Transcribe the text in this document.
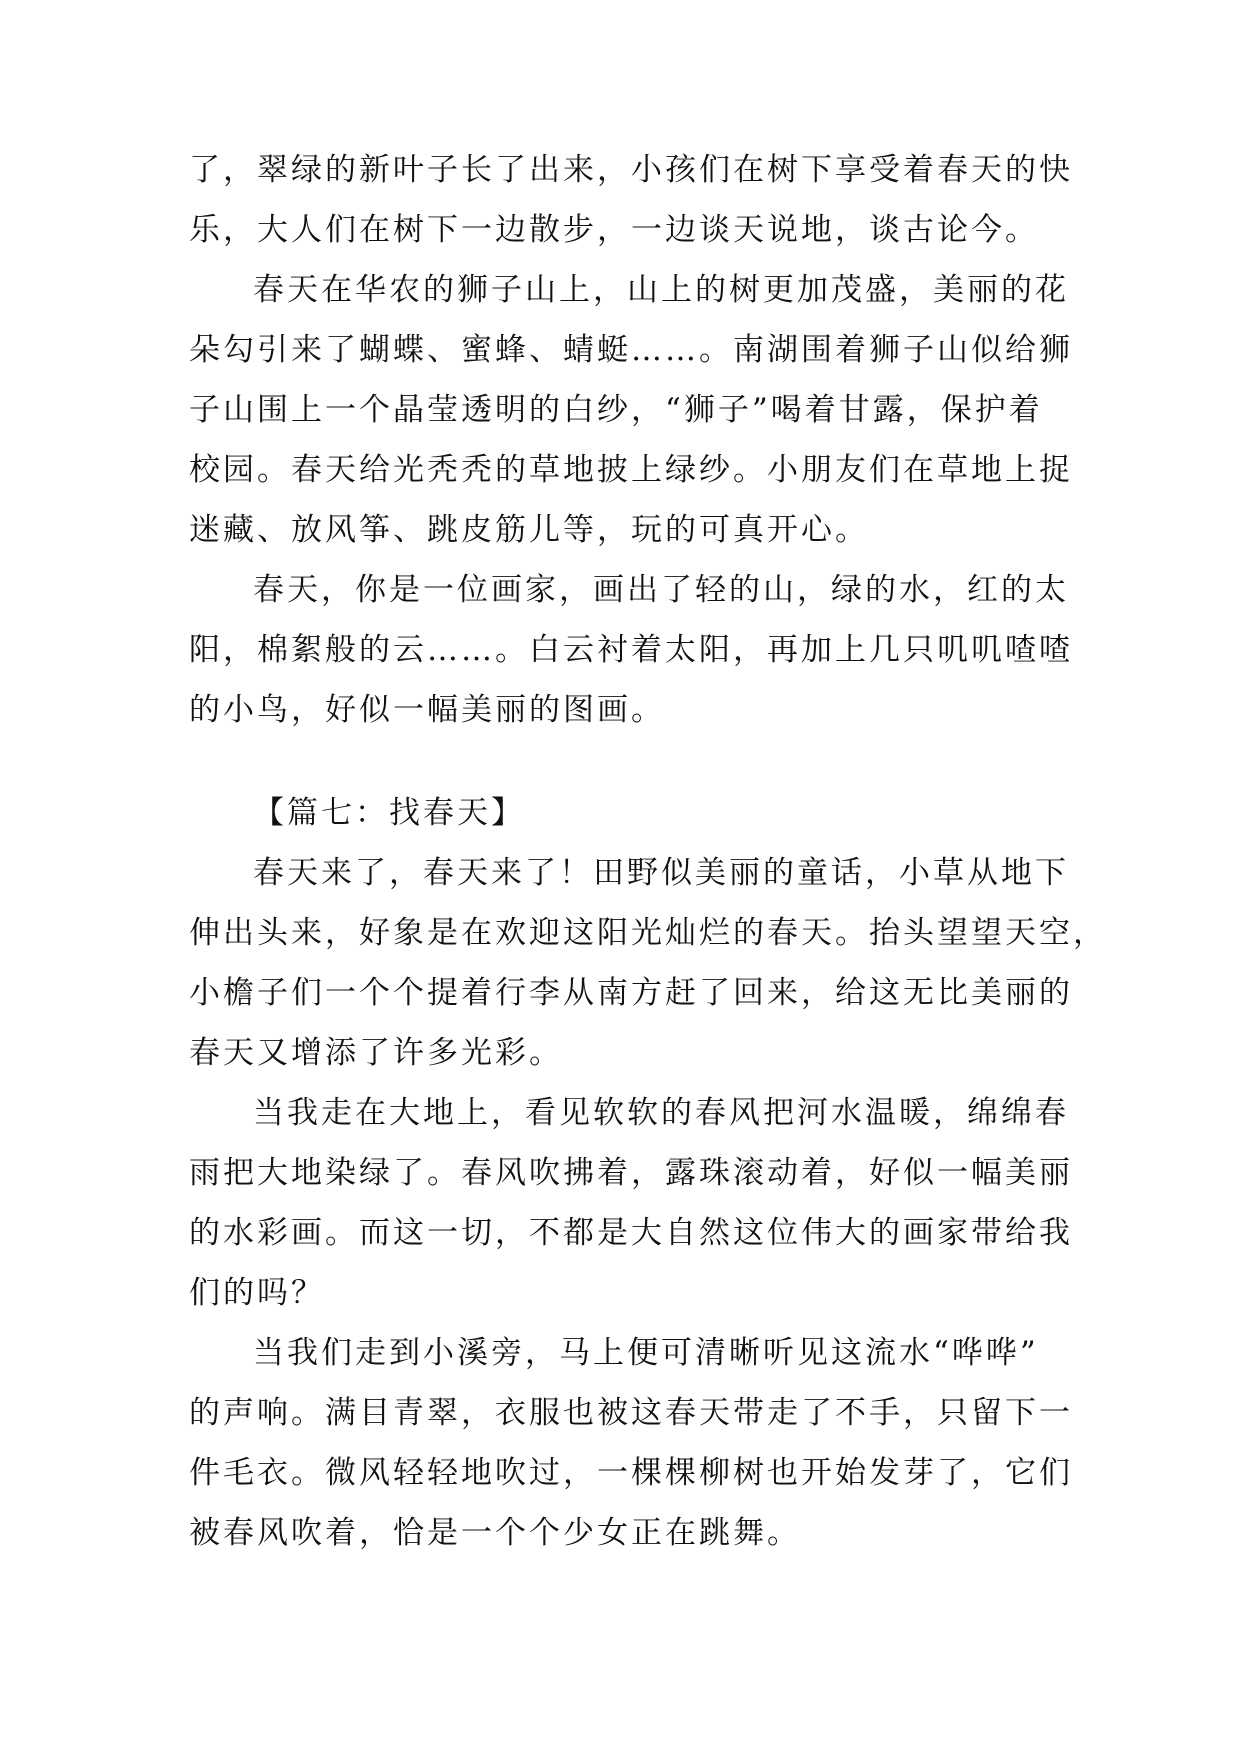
了，翠绿的新叶子长了出来，小孩们在树下享受着春天的快
乐，大人们在树下一边散步，一边谈天说地，谈古论今。
春天在华农的狮子山上，山上的树更加茂盛，美丽的花
朵勾引来了蝴蝶、蜜蜂、蜻蜓……。南湖围着狮子山似给狮
子山围上一个晶莹透明的白纱，“狮子”喝着甘露，保护着
校园。春天给光秃秃的草地披上绿纱。小朋友们在草地上捉
迷藏、放风筝、跳皮筋儿等，玩的可真开心。
春天，你是一位画家，画出了轻的山，绿的水，红的太
阳，棉絮般的云……。白云衬着太阳，再加上几只叽叽喳喳
的小鸟，好似一幅美丽的图画。
【篇七：找春天】
春天来了，春天来了！田野似美丽的童话，小草从地下
伸出头来，好象是在欢迎这阳光灿烂的春天。抬头望望天空，
小檐子们一个个提着行李从南方赶了回来，给这无比美丽的
春天又增添了许多光彩。
当我走在大地上，看见软软的春风把河水温暖，绵绵春
雨把大地染绿了。春风吹拂着，露珠滚动着，好似一幅美丽
的水彩画。而这一切，不都是大自然这位伟大的画家带给我
们的吗？
当我们走到小溪旁，马上便可清晰听见这流水“哗哗”
的声响。满目青翠，衣服也被这春天带走了不手，只留下一
件毛衣。微风轻轻地吹过，一棵棵柳树也开始发芽了，它们
被春风吹着，恰是一个个少女正在跳舞。
